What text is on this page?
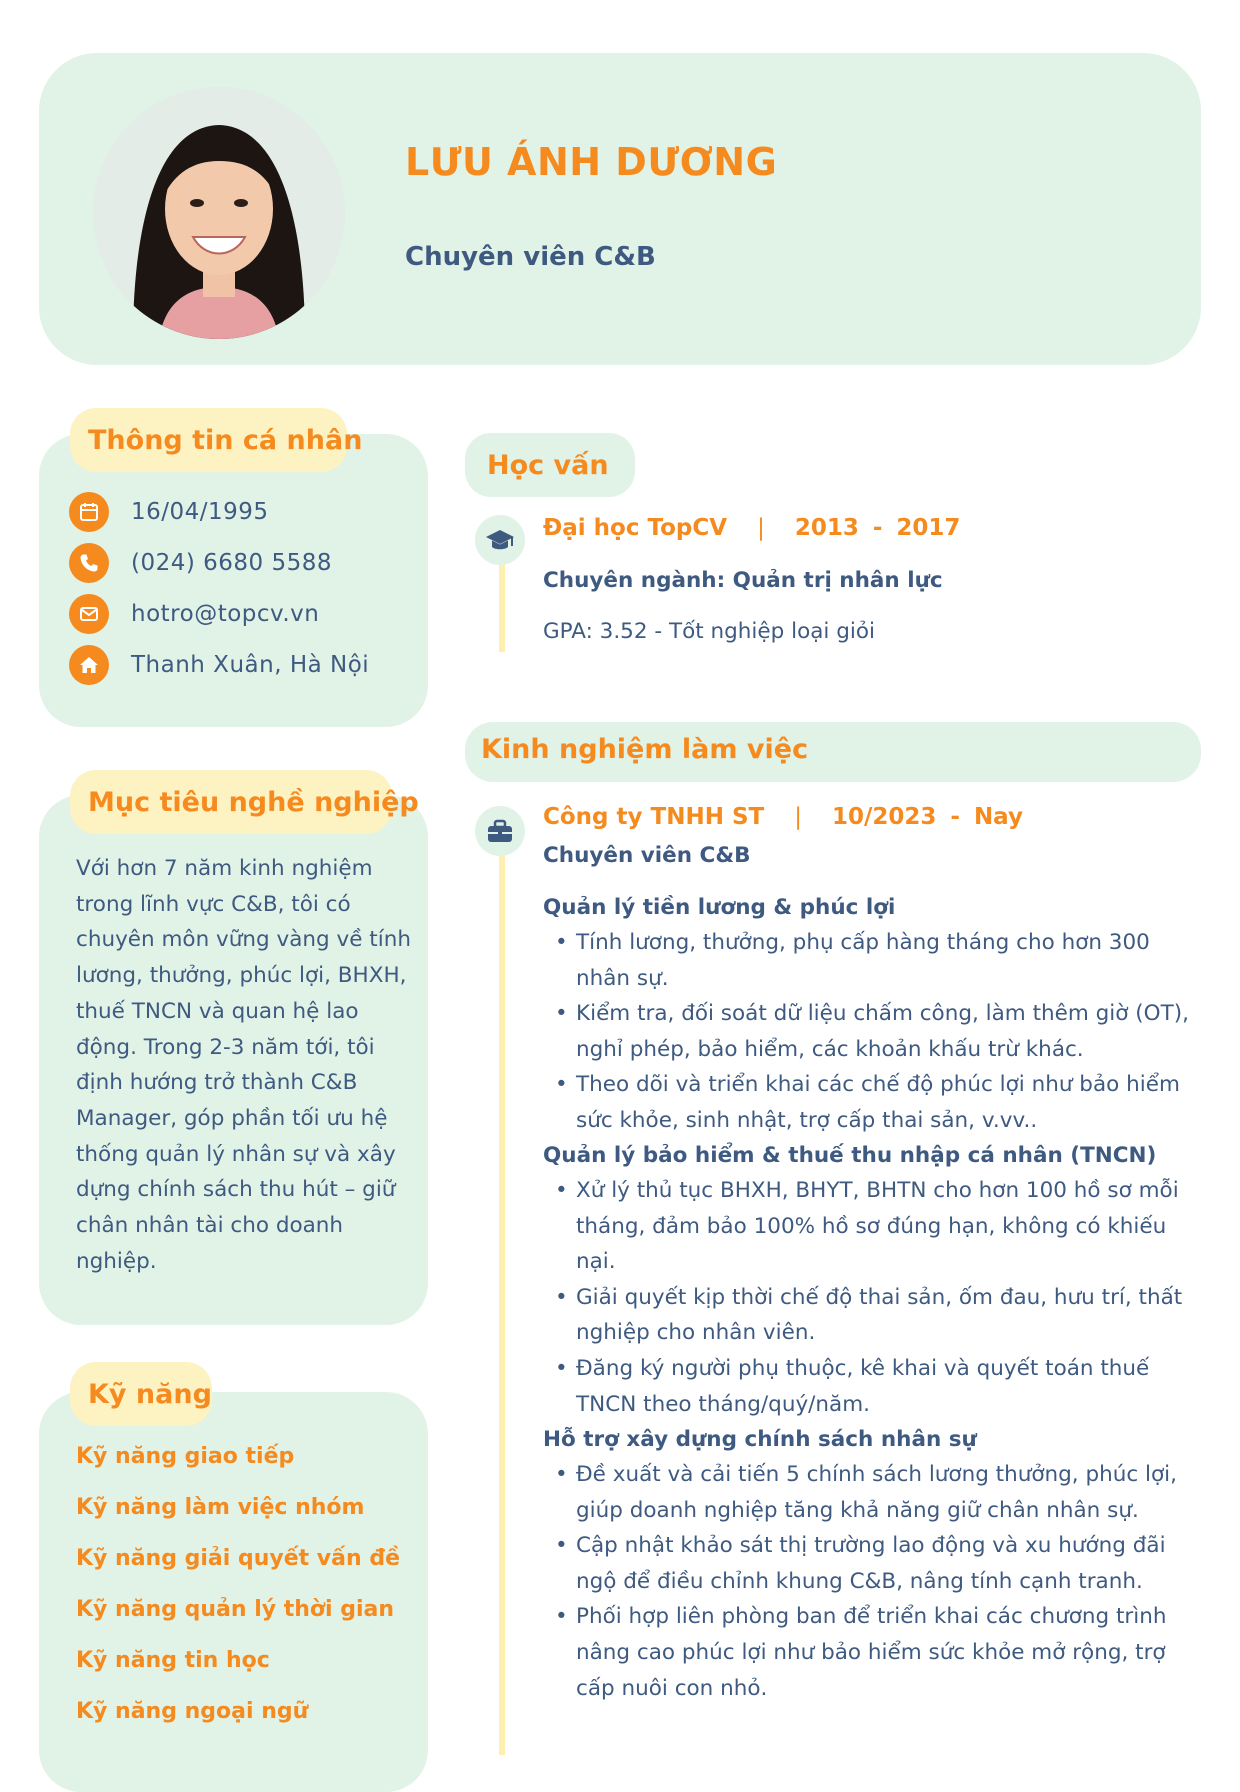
LƯU ÁNH DƯƠNG
Chuyên viên C&B
Thông tin cá nhân
16/04/1995
(024) 6680 5588
hotro@topcv.vn
Thanh Xuân, Hà Nội
Mục tiêu nghề nghiệp

Với hơn 7 năm kinh nghiệm trong lĩnh vực C&B, tôi có chuyên môn vững vàng về tính lương, thưởng, phúc lợi, BHXH, thuế TNCN và quan hệ lao động. Trong 2-3 năm tới, tôi định hướng trở thành C&B Manager, góp phần tối ưu hệ thống quản lý nhân sự và xây dựng chính sách thu hút – giữ chân nhân tài cho doanh nghiệp.

Kỹ năng

Kỹ năng giao tiếp

Kỹ năng làm việc nhóm

Kỹ năng giải quyết vấn đề

Kỹ năng quản lý thời gian

Kỹ năng tin học

Kỹ năng ngoại ngữ

Học vấn
Đại học TopCV | 2013 - 2017

Chuyên ngành: Quản trị nhân lực

GPA: 3.52 - Tốt nghiệp loại giỏi

Kinh nghiệm làm việc
Công ty TNHH ST | 10/2023 - Nay

Chuyên viên C&B

Quản lý tiền lương & phúc lợi

• Tính lương, thưởng, phụ cấp hàng tháng cho hơn 300 nhân sự.
• Kiểm tra, đối soát dữ liệu chấm công, làm thêm giờ (OT), nghỉ phép, bảo hiểm, các khoản khấu trừ khác.
• Theo dõi và triển khai các chế độ phúc lợi như bảo hiểm sức khỏe, sinh nhật, trợ cấp thai sản, v.vv..

Quản lý bảo hiểm & thuế thu nhập cá nhân (TNCN)

• Xử lý thủ tục BHXH, BHYT, BHTN cho hơn 100 hồ sơ mỗi tháng, đảm bảo 100% hồ sơ đúng hạn, không có khiếu nại.
• Giải quyết kịp thời chế độ thai sản, ốm đau, hưu trí, thất nghiệp cho nhân viên.
• Đăng ký người phụ thuộc, kê khai và quyết toán thuế TNCN theo tháng/quý/năm.

Hỗ trợ xây dựng chính sách nhân sự

• Đề xuất và cải tiến 5 chính sách lương thưởng, phúc lợi, giúp doanh nghiệp tăng khả năng giữ chân nhân sự.
• Cập nhật khảo sát thị trường lao động và xu hướng đãi ngộ để điều chỉnh khung C&B, nâng tính cạnh tranh.
• Phối hợp liên phòng ban để triển khai các chương trình nâng cao phúc lợi như bảo hiểm sức khỏe mở rộng, trợ cấp nuôi con nhỏ.
